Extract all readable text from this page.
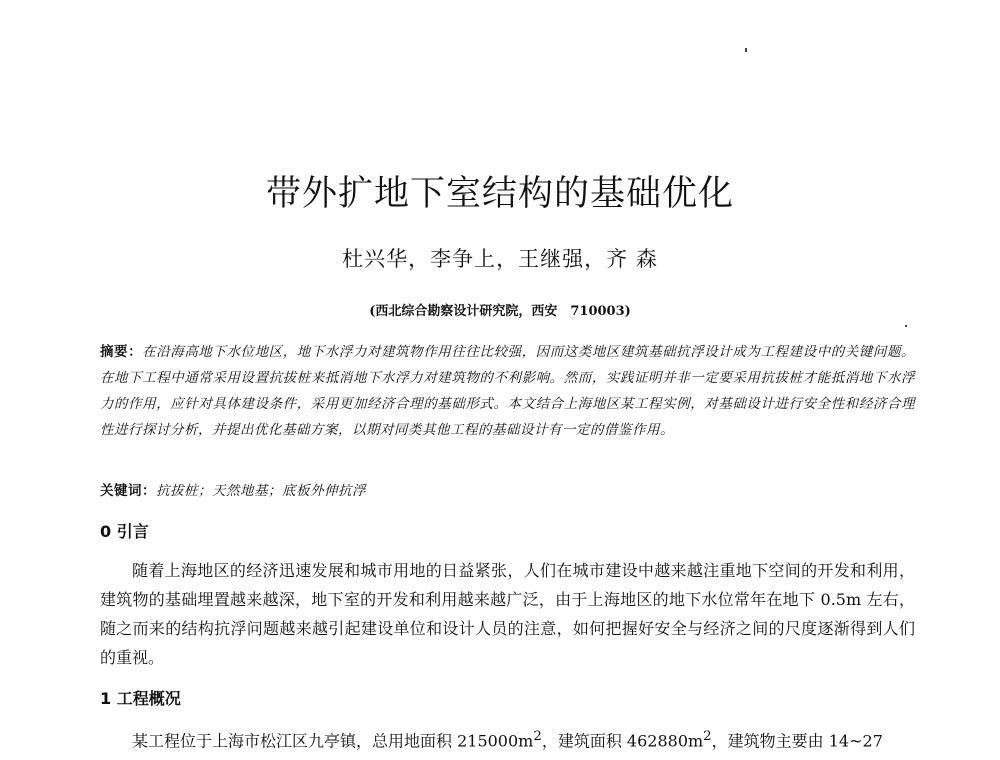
带外扩地下室结构的基础优化
杜兴华，李争上，王继强，齐 森
(西北综合勘察设计研究院，西安　710003)
摘要：在沿海高地下水位地区，地下水浮力对建筑物作用往往比较强，因而这类地区建筑基础抗浮设计成为工程建设中的关键问题。在地下工程中通常采用设置抗拔桩来抵消地下水浮力对建筑物的不利影响。然而，实践证明并非一定要采用抗拔桩才能抵消地下水浮力的作用，应针对具体建设条件，采用更加经济合理的基础形式。本文结合上海地区某工程实例，对基础设计进行安全性和经济合理性进行探讨分析，并提出优化基础方案，以期对同类其他工程的基础设计有一定的借鉴作用。
关键词：抗拔桩；天然地基；底板外伸抗浮
0 引言
随着上海地区的经济迅速发展和城市用地的日益紧张，人们在城市建设中越来越注重地下空间的开发和利用，建筑物的基础埋置越来越深，地下室的开发和利用越来越广泛，由于上海地区的地下水位常年在地下 0.5m 左右，随之而来的结构抗浮问题越来越引起建设单位和设计人员的注意，如何把握好安全与经济之间的尺度逐渐得到人们的重视。
1 工程概况
某工程位于上海市松江区九亭镇，总用地面积 $215000m^2$，建筑面积 $462880m^2$，建筑物主要由 14~27
